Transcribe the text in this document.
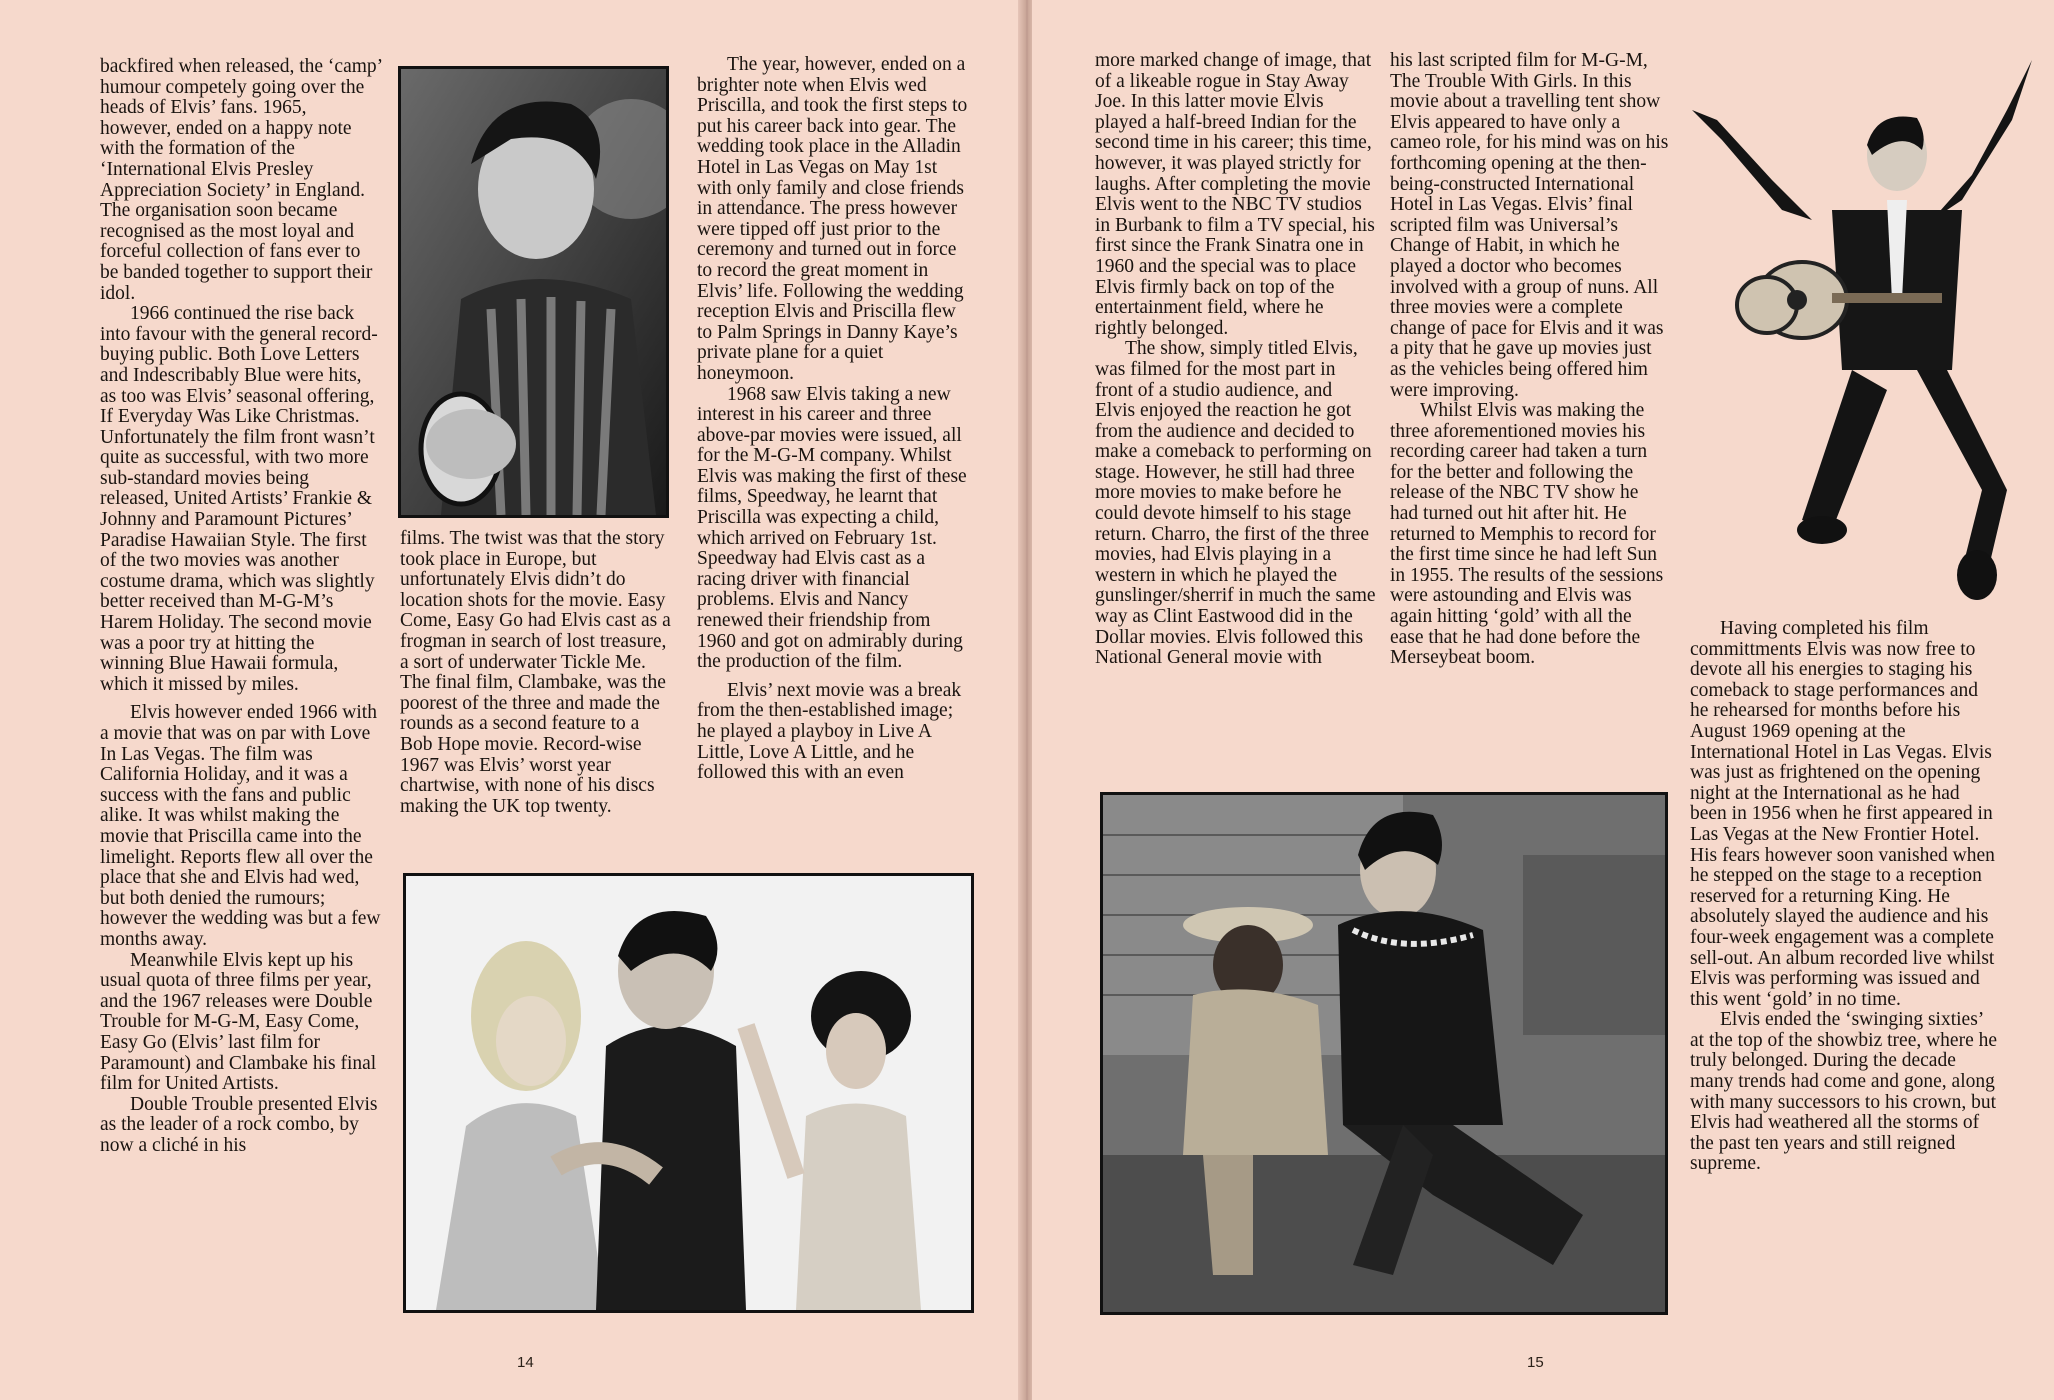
backfired when released, the ‘camp’ humour competely going over the heads of Elvis’ fans. 1965, however, ended on a happy note with the formation of the ‘International Elvis Presley Appreciation Society’ in England. The organisation soon became recognised as the most loyal and forceful collection of fans ever to be banded together to support their idol.

1966 continued the rise back into favour with the general record-buying public. Both Love Letters and Indescribably Blue were hits, as too was Elvis’ seasonal offering, If Everyday Was Like Christmas. Unfortunately the film front wasn’t quite as successful, with two more sub-standard movies being released, United Artists’ Frankie & Johnny and Paramount Pictures’ Paradise Hawaiian Style. The first of the two movies was another costume drama, which was slightly better received than M-G-M’s Harem Holiday. The second movie was a poor try at hitting the winning Blue Hawaii formula, which it missed by miles.

Elvis however ended 1966 with a movie that was on par with Love In Las Vegas. The film was California Holiday, and it was a success with the fans and public alike. It was whilst making the movie that Priscilla came into the limelight. Reports flew all over the place that she and Elvis had wed, but both denied the rumours; however the wedding was but a few months away.

Meanwhile Elvis kept up his usual quota of three films per year, and the 1967 releases were Double Trouble for M-G-M, Easy Come, Easy Go (Elvis’ last film for Paramount) and Clambake his final film for United Artists.

Double Trouble presented Elvis as the leader of a rock combo, by now a cliché in his

films. The twist was that the story took place in Europe, but unfortunately Elvis didn’t do location shots for the movie. Easy Come, Easy Go had Elvis cast as a frogman in search of lost treasure, a sort of underwater Tickle Me. The final film, Clambake, was the poorest of the three and made the rounds as a second feature to a Bob Hope movie. Record-wise 1967 was Elvis’ worst year chartwise, with none of his discs making the UK top twenty.

The year, however, ended on a brighter note when Elvis wed Priscilla, and took the first steps to put his career back into gear. The wedding took place in the Alladin Hotel in Las Vegas on May 1st with only family and close friends in attendance. The press however were tipped off just prior to the ceremony and turned out in force to record the great moment in Elvis’ life. Following the wedding reception Elvis and Priscilla flew to Palm Springs in Danny Kaye’s private plane for a quiet honeymoon.

1968 saw Elvis taking a new interest in his career and three above-par movies were issued, all for the M-G-M company. Whilst Elvis was making the first of these films, Speedway, he learnt that Priscilla was expecting a child, which arrived on February 1st. Speedway had Elvis cast as a racing driver with financial problems. Elvis and Nancy renewed their friendship from 1960 and got on admirably during the production of the film.

Elvis’ next movie was a break from the then-established image; he played a playboy in Live A Little, Love A Little, and he followed this with an even

14

more marked change of image, that of a likeable rogue in Stay Away Joe. In this latter movie Elvis played a half-breed Indian for the second time in his career; this time, however, it was played strictly for laughs. After completing the movie Elvis went to the NBC TV studios in Burbank to film a TV special, his first since the Frank Sinatra one in 1960 and the special was to place Elvis firmly back on top of the entertainment field, where he rightly belonged.

The show, simply titled Elvis, was filmed for the most part in front of a studio audience, and Elvis enjoyed the reaction he got from the audience and decided to make a comeback to performing on stage. However, he still had three more movies to make before he could devote himself to his stage return. Charro, the first of the three movies, had Elvis playing in a western in which he played the gunslinger/sherrif in much the same way as Clint Eastwood did in the Dollar movies. Elvis followed this National General movie with

his last scripted film for M-G-M, The Trouble With Girls. In this movie about a travelling tent show Elvis appeared to have only a cameo role, for his mind was on his forthcoming opening at the then-being-constructed International Hotel in Las Vegas. Elvis’ final scripted film was Universal’s Change of Habit, in which he played a doctor who becomes involved with a group of nuns. All three movies were a complete change of pace for Elvis and it was a pity that he gave up movies just as the vehicles being offered him were improving.

Whilst Elvis was making the three aforementioned movies his recording career had taken a turn for the better and following the release of the NBC TV show he had turned out hit after hit. He returned to Memphis to record for the first time since he had left Sun in 1955. The results of the sessions were astounding and Elvis was again hitting ‘gold’ with all the ease that he had done before the Merseybeat boom.

Having completed his film committments Elvis was now free to devote all his energies to staging his comeback to stage performances and he rehearsed for months before his August 1969 opening at the International Hotel in Las Vegas. Elvis was just as frightened on the opening night at the International as he had been in 1956 when he first appeared in Las Vegas at the New Frontier Hotel. His fears however soon vanished when he stepped on the stage to a reception reserved for a returning King. He absolutely slayed the audience and his four-week engagement was a complete sell-out. An album recorded live whilst Elvis was performing was issued and this went ‘gold’ in no time.

Elvis ended the ‘swinging sixties’ at the top of the showbiz tree, where he truly belonged. During the decade many trends had come and gone, along with many successors to his crown, but Elvis had weathered all the storms of the past ten years and still reigned supreme.

15
